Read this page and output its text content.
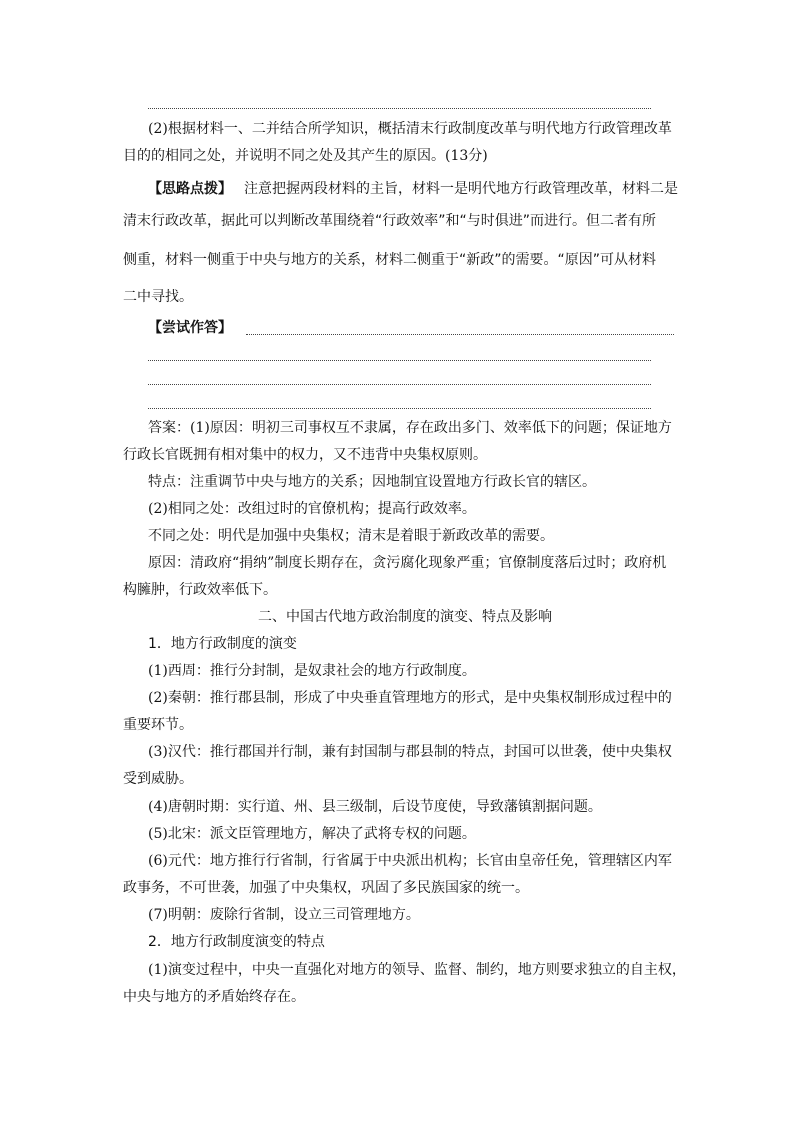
(2)根据材料一、二并结合所学知识，概括清末行政制度改革与明代地方行政管理改革
目的的相同之处，并说明不同之处及其产生的原因。(13分)
【思路点拨】 注意把握两段材料的主旨，材料一是明代地方行政管理改革，材料二是
清末行政改革，据此可以判断改革围绕着“行政效率”和“与时俱进”而进行。但二者有所
侧重，材料一侧重于中央与地方的关系，材料二侧重于“新政”的需要。“原因”可从材料
二中寻找。
【尝试作答】
答案：(1)原因：明初三司事权互不隶属，存在政出多门、效率低下的问题；保证地方
行政长官既拥有相对集中的权力，又不违背中央集权原则。
特点：注重调节中央与地方的关系；因地制宜设置地方行政长官的辖区。
(2)相同之处：改组过时的官僚机构；提高行政效率。
不同之处：明代是加强中央集权；清末是着眼于新政改革的需要。
原因：清政府“捐纳”制度长期存在，贪污腐化现象严重；官僚制度落后过时；政府机
构臃肿，行政效率低下。
二、中国古代地方政治制度的演变、特点及影响
1．地方行政制度的演变
(1)西周：推行分封制，是奴隶社会的地方行政制度。
(2)秦朝：推行郡县制，形成了中央垂直管理地方的形式，是中央集权制形成过程中的
重要环节。
(3)汉代：推行郡国并行制，兼有封国制与郡县制的特点，封国可以世袭，使中央集权
受到威胁。
(4)唐朝时期：实行道、州、县三级制，后设节度使，导致藩镇割据问题。
(5)北宋：派文臣管理地方，解决了武将专权的问题。
(6)元代：地方推行行省制，行省属于中央派出机构；长官由皇帝任免，管理辖区内军
政事务，不可世袭，加强了中央集权，巩固了多民族国家的统一。
(7)明朝：废除行省制，设立三司管理地方。
2．地方行政制度演变的特点
(1)演变过程中，中央一直强化对地方的领导、监督、制约，地方则要求独立的自主权，
中央与地方的矛盾始终存在。
